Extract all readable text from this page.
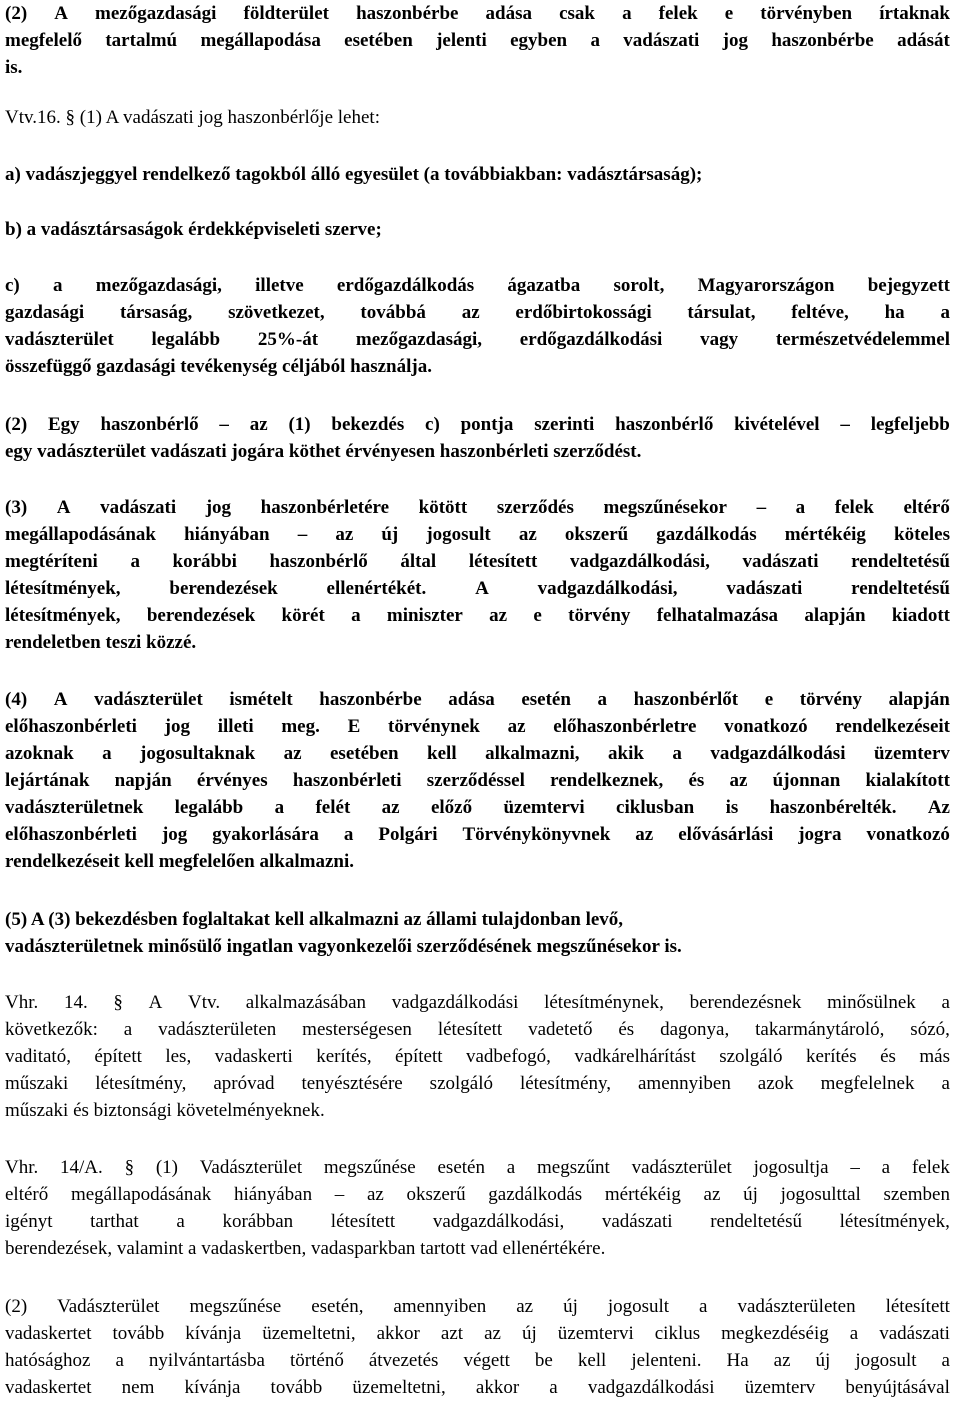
(2) A mezőgazdasági földterület haszonbérbe adása csak a felek e törvényben írtaknak
megfelelő tartalmú megállapodása esetében jelenti egyben a vadászati jog haszonbérbe adását
is.
Vtv.16. § (1) A vadászati jog haszonbérlője lehet:
a) vadászjeggyel rendelkező tagokból álló egyesület (a továbbiakban: vadásztársaság);
b) a vadásztársaságok érdekképviseleti szerve;
c) a mezőgazdasági, illetve erdőgazdálkodás ágazatba sorolt, Magyarországon bejegyzett
gazdasági társaság, szövetkezet, továbbá az erdőbirtokossági társulat, feltéve, ha a
vadászterület legalább 25%-át mezőgazdasági, erdőgazdálkodási vagy természetvédelemmel
összefüggő gazdasági tevékenység céljából használja.
(2) Egy haszonbérlő – az (1) bekezdés c) pontja szerinti haszonbérlő kivételével – legfeljebb
egy vadászterület vadászati jogára köthet érvényesen haszonbérleti szerződést.
(3) A vadászati jog haszonbérletére kötött szerződés megszűnésekor – a felek eltérő
megállapodásának hiányában – az új jogosult az okszerű gazdálkodás mértékéig köteles
megtéríteni a korábbi haszonbérlő által létesített vadgazdálkodási, vadászati rendeltetésű
létesítmények,	berendezések	ellenértékét.	A	vadgazdálkodási,	vadászati	rendeltetésű
létesítmények, berendezések körét a miniszter az e törvény felhatalmazása alapján kiadott
rendeletben teszi közzé.
(4) A vadászterület ismételt haszonbérbe adása esetén a haszonbérlőt e törvény alapján
előhaszonbérleti jog illeti meg. E törvénynek az előhaszonbérletre vonatkozó rendelkezéseit
azoknak a jogosultaknak az esetében kell alkalmazni, akik a vadgazdálkodási üzemterv
lejártának napján érvényes haszonbérleti szerződéssel rendelkeznek, és az újonnan kialakított
vadászterületnek legalább a felét az előző üzemtervi ciklusban is haszonbérelték. Az
előhaszonbérleti jog gyakorlására a Polgári Törvénykönyvnek az elővásárlási jogra vonatkozó
rendelkezéseit kell megfelelően alkalmazni.
(5) A (3) bekezdésben foglaltakat kell alkalmazni az állami tulajdonban levő,
vadászterületnek minősülő ingatlan vagyonkezelői szerződésének megszűnésekor is.
Vhr. 14. § A Vtv. alkalmazásában vadgazdálkodási létesítménynek, berendezésnek minősülnek a
következők: a vadászterületen mesterségesen létesített vadetető és dagonya, takarmánytároló, sózó,
vaditató, épített les, vadaskerti kerítés, épített vadbefogó, vadkárelhárítást szolgáló kerítés és más
műszaki létesítmény, apróvad tenyésztésére szolgáló létesítmény, amennyiben azok megfelelnek a
műszaki és biztonsági követelményeknek.
Vhr. 14/A. § (1) Vadászterület megszűnése esetén a megszűnt vadászterület jogosultja – a felek
eltérő megállapodásának hiányában – az okszerű gazdálkodás mértékéig az új jogosulttal szemben
igényt tarthat a korábban létesített vadgazdálkodási, vadászati rendeltetésű létesítmények,
berendezések, valamint a vadaskertben, vadasparkban tartott vad ellenértékére.
(2) Vadászterület megszűnése esetén, amennyiben az új jogosult a vadászterületen létesített
vadaskertet tovább kívánja üzemeltetni, akkor azt az új üzemtervi ciklus megkezdéséig a vadászati
hatósághoz a nyilvántartásba történő átvezetés végett be kell jelenteni. Ha az új jogosult a
vadaskertet nem kívánja tovább üzemeltetni, akkor a vadgazdálkodási üzemterv benyújtásával
